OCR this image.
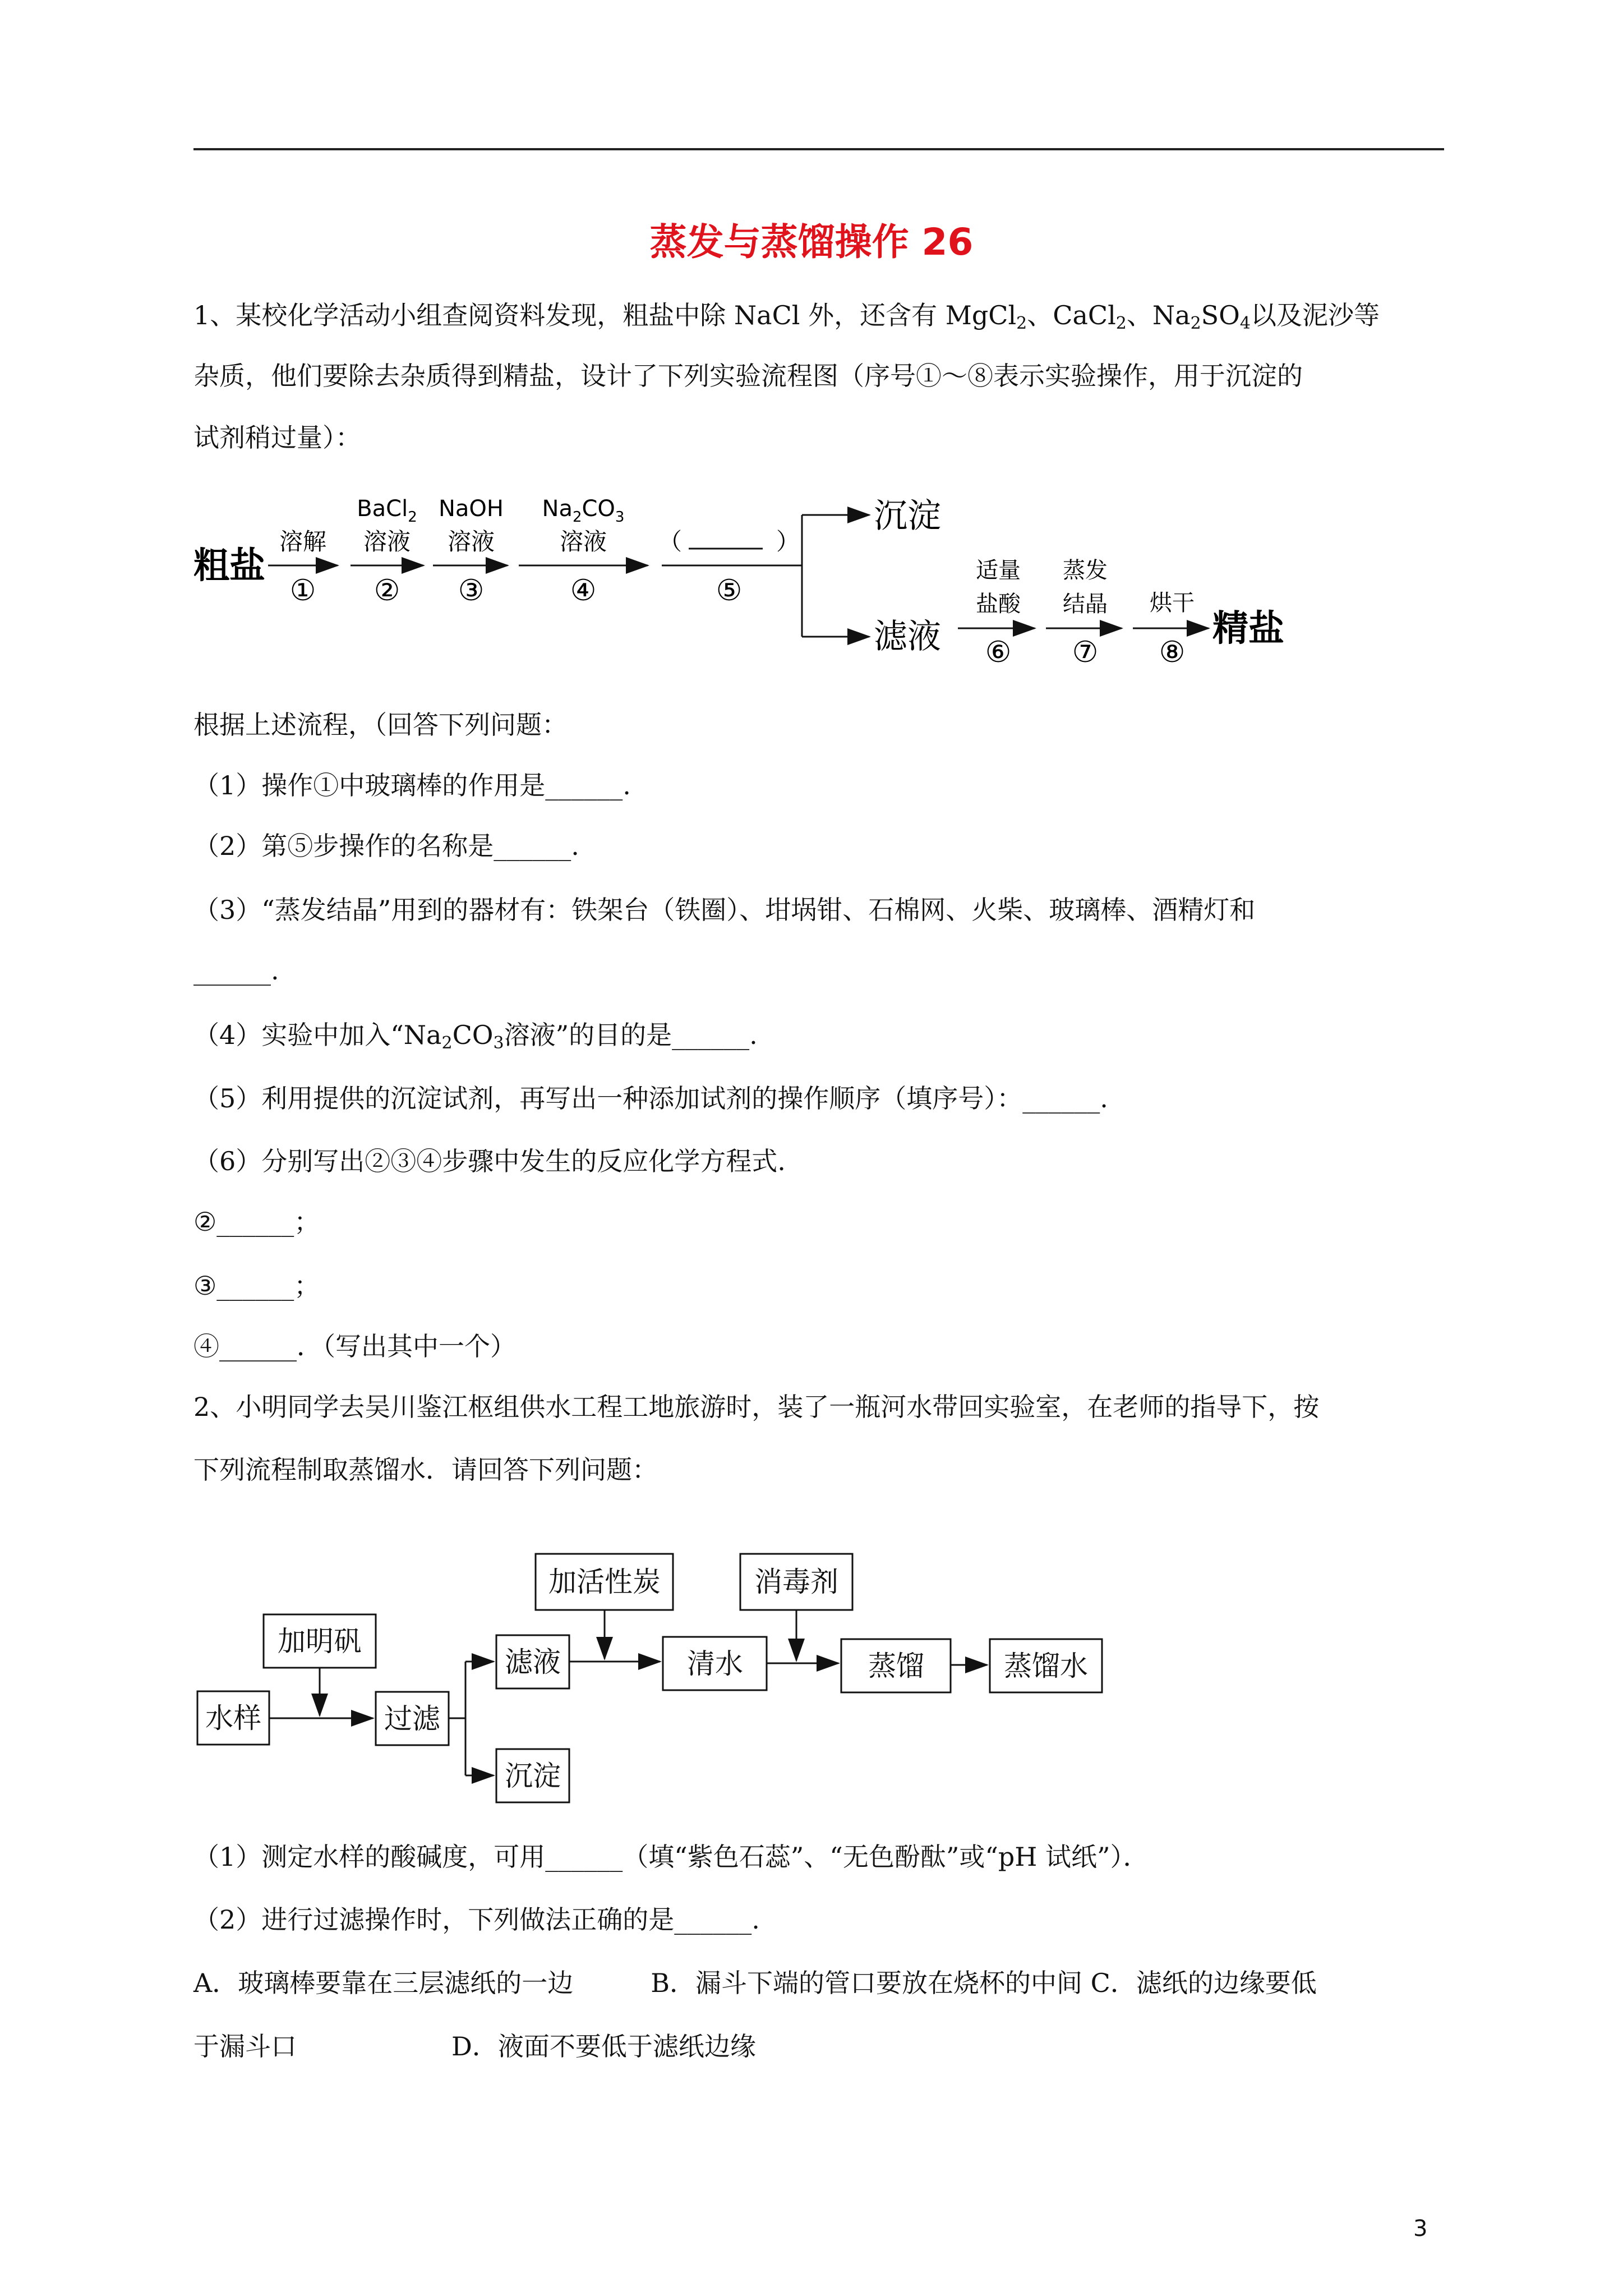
蒸发与蒸馏操作 26
1、某校化学活动小组查阅资料发现，粗盐中除 NaCl 外，还含有 MgCl$_2$、CaCl$_2$、$Na_2SO_4$以及泥沙等
杂质，他们要除去杂质得到精盐，设计了下列实验流程图（序号①～⑧表示实验操作，用于沉淀的
试剂稍过量）：
粗盐
溶解
①
BaCl$_2$
溶液
②
NaOH
溶液
③
$Na_2CO_3$
溶液
④
（　　　　）
⑤
沉淀
滤液
适量
盐酸
⑥
蒸发
结晶
⑦
烘干
⑧
精盐
根据上述流程，（回答下列问题：
（1）操作①中玻璃棒的作用是______.
（2）第⑤步操作的名称是______.
（3）“蒸发结晶”用到的器材有：铁架台（铁圈）、坩埚钳、石棉网、火柴、玻璃棒、酒精灯和
______.
（4）实验中加入“$Na_2CO_3$溶液”的目的是______.
（5）利用提供的沉淀试剂，再写出一种添加试剂的操作顺序（填序号）：______.
（6）分别写出②③④步骤中发生的反应化学方程式.
②______；
③______；
④______．（写出其中一个）
2、小明同学去吴川鉴江枢组供水工程工地旅游时，装了一瓶河水带回实验室，在老师的指导下，按
下列流程制取蒸馏水．请回答下列问题：
水样
加明矾
过滤
滤液
沉淀
加活性炭
清水
消毒剂
蒸馏	蒸馏水
（1）测定水样的酸碱度，可用______（填“紫色石蕊”、“无色酚酞”或“pH 试纸”）．
（2）进行过滤操作时，下列做法正确的是______.
A．玻璃棒要靠在三层滤纸的一边　　　B．漏斗下端的管口要放在烧杯的中间 C．滤纸的边缘要低
于漏斗口　　　　　　D．液面不要低于滤纸边缘
3
